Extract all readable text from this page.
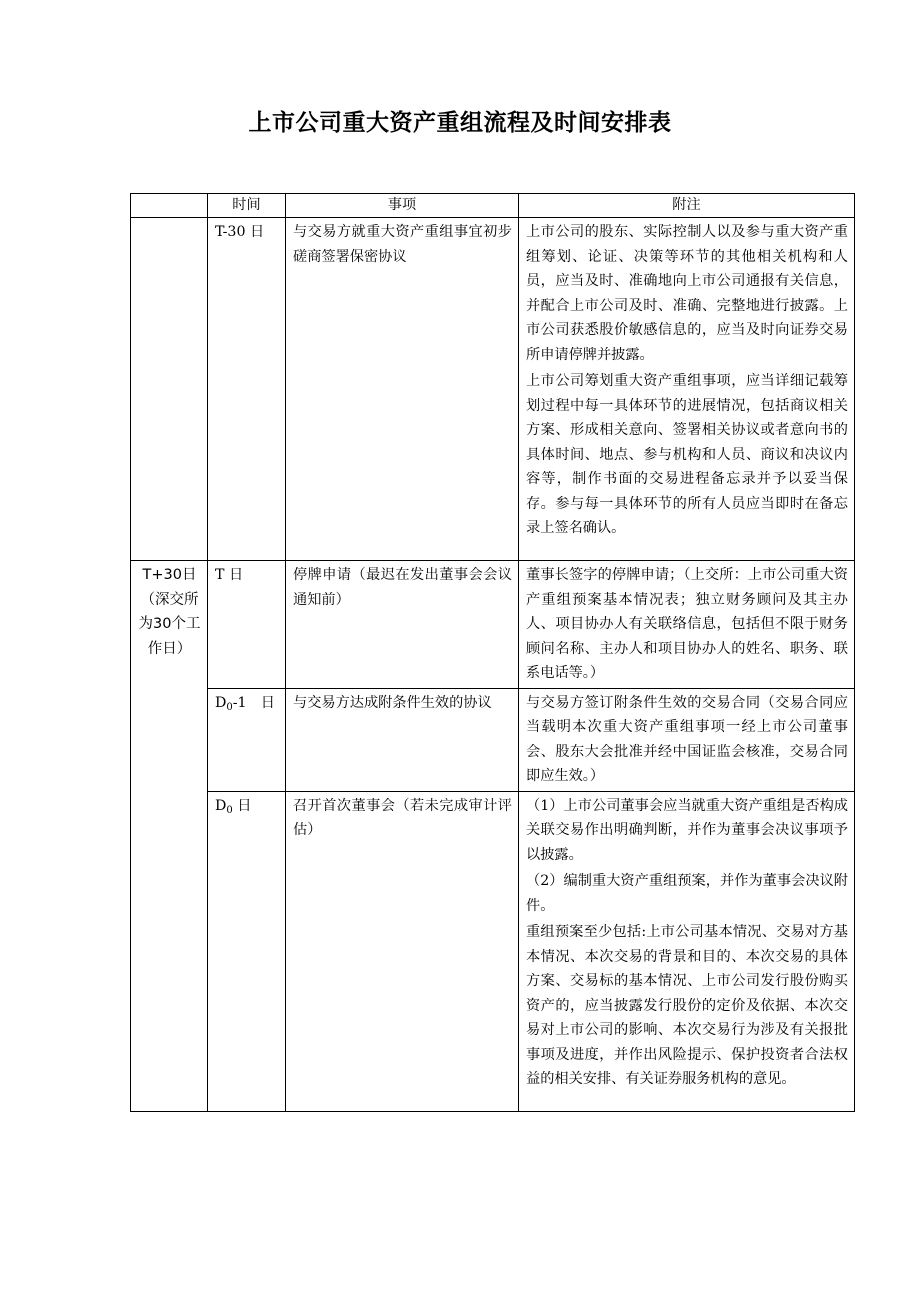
上市公司重大资产重组流程及时间安排表
	时间	事项	附注
	T-30 日	与交易方就重大资产重组事宜初步磋商签署保密协议	上市公司的股东、实际控制人以及参与重大资产重组筹划、论证、决策等环节的其他相关机构和人员，应当及时、准确地向上市公司通报有关信息，并配合上市公司及时、准确、完整地进行披露。上市公司获悉股价敏感信息的，应当及时向证券交易所申请停牌并披露。

上市公司筹划重大资产重组事项，应当详细记载筹划过程中每一具体环节的进展情况，包括商议相关方案、形成相关意向、签署相关协议或者意向书的具体时间、地点、参与机构和人员、商议和决议内容等，制作书面的交易进程备忘录并予以妥当保存。参与每一具体环节的所有人员应当即时在备忘录上签名确认。

T+30日（深交所为30个工作日）	T 日	停牌申请（最迟在发出董事会会议通知前）	董事长签字的停牌申请；（上交所：上市公司重大资产重组预案基本情况表；独立财务顾问及其主办人、项目协办人有关联络信息，包括但不限于财务顾问名称、主办人和项目协办人的姓名、职务、联系电话等。）

	$D_0-1$　日	与交易方达成附条件生效的协议	与交易方签订附条件生效的交易合同（交易合同应当载明本次重大资产重组事项一经上市公司董事会、股东大会批准并经中国证监会核准，交易合同即应生效。）

	$D_0$ 日	召开首次董事会（若未完成审计评估）	（1）上市公司董事会应当就重大资产重组是否构成关联交易作出明确判断，并作为董事会决议事项予以披露。

（2）编制重大资产重组预案，并作为董事会决议附件。

重组预案至少包括:上市公司基本情况、交易对方基本情况、本次交易的背景和目的、本次交易的具体方案、交易标的基本情况、上市公司发行股份购买资产的，应当披露发行股份的定价及依据、本次交易对上市公司的影响、本次交易行为涉及有关报批事项及进度，并作出风险提示、保护投资者合法权益的相关安排、有关证券服务机构的意见。
